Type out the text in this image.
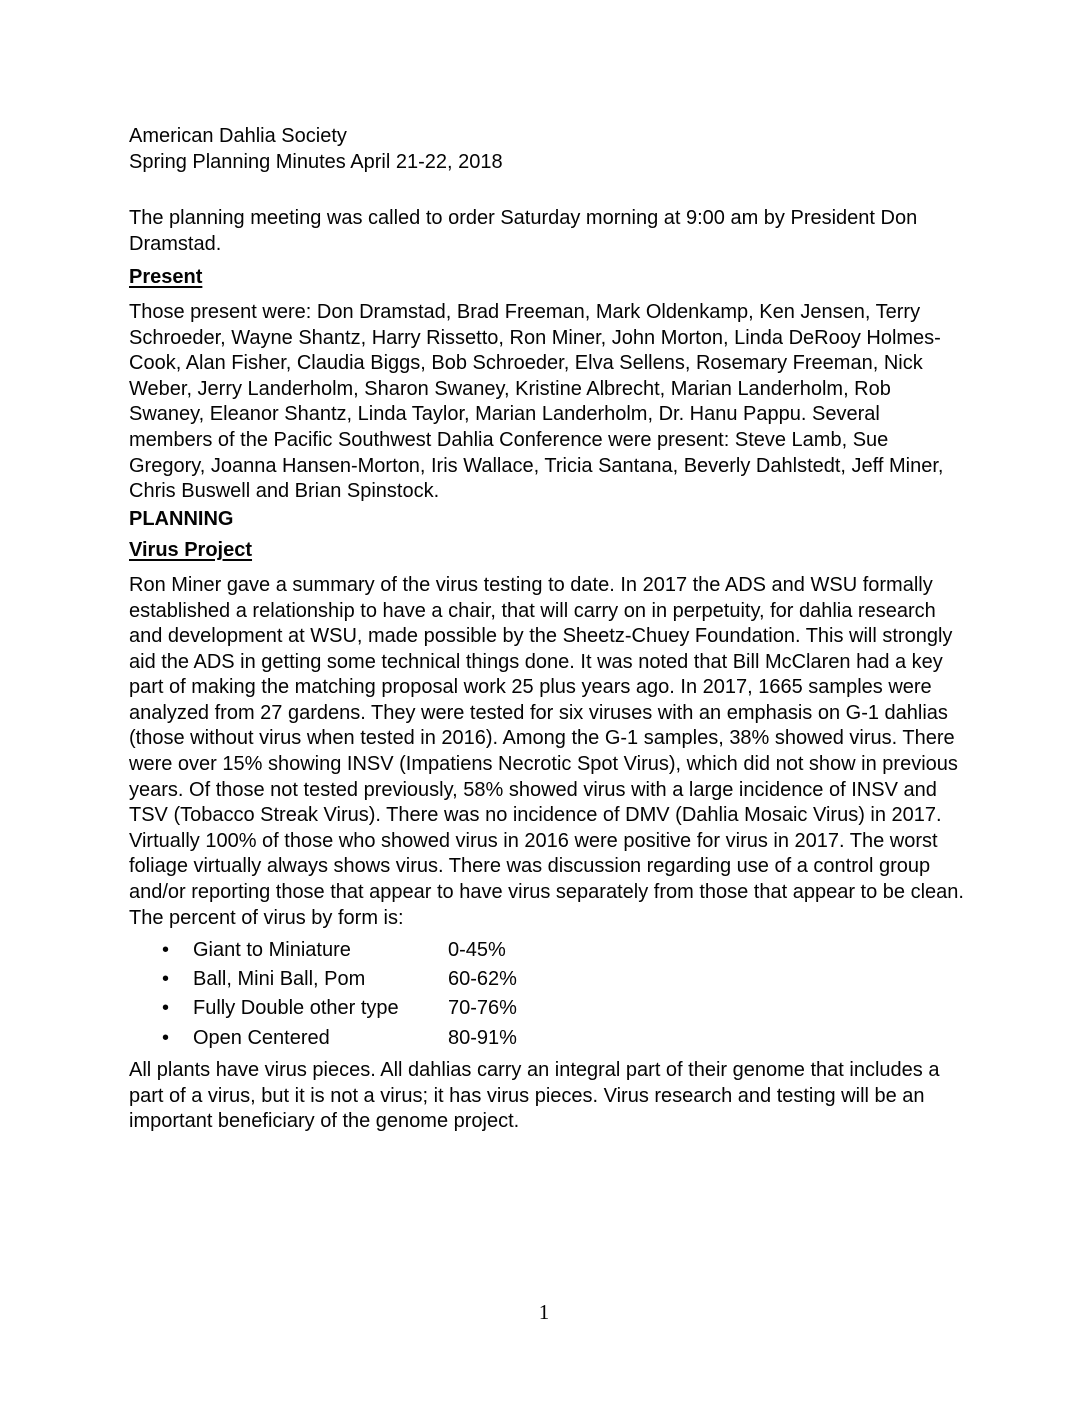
American Dahlia Society
Spring Planning Minutes April 21-22, 2018

The planning meeting was called to order Saturday morning at 9:00 am by President Don Dramstad.

Present

Those present were: Don Dramstad, Brad Freeman, Mark Oldenkamp, Ken Jensen, Terry Schroeder, Wayne Shantz, Harry Rissetto, Ron Miner, John Morton, Linda DeRooy Holmes-Cook, Alan Fisher, Claudia Biggs, Bob Schroeder, Elva Sellens, Rosemary Freeman, Nick Weber, Jerry Landerholm, Sharon Swaney, Kristine Albrecht, Marian Landerholm, Rob Swaney, Eleanor Shantz, Linda Taylor, Marian Landerholm, Dr. Hanu Pappu. Several members of the Pacific Southwest Dahlia Conference were present: Steve Lamb, Sue Gregory, Joanna Hansen-Morton, Iris Wallace, Tricia Santana, Beverly Dahlstedt, Jeff Miner, Chris Buswell and Brian Spinstock.

PLANNING
Virus Project

Ron Miner gave a summary of the virus testing to date. In 2017 the ADS and WSU formally established a relationship to have a chair, that will carry on in perpetuity, for dahlia research and development at WSU, made possible by the Sheetz-Chuey Foundation. This will strongly aid the ADS in getting some technical things done. It was noted that Bill McClaren had a key part of making the matching proposal work 25 plus years ago. In 2017, 1665 samples were analyzed from 27 gardens. They were tested for six viruses with an emphasis on G-1 dahlias (those without virus when tested in 2016). Among the G-1 samples, 38% showed virus. There were over 15% showing INSV (Impatiens Necrotic Spot Virus), which did not show in previous years. Of those not tested previously, 58% showed virus with a large incidence of INSV and TSV (Tobacco Streak Virus). There was no incidence of DMV (Dahlia Mosaic Virus) in 2017. Virtually 100% of those who showed virus in 2016 were positive for virus in 2017. The worst foliage virtually always shows virus. There was discussion regarding use of a control group and/or reporting those that appear to have virus separately from those that appear to be clean.

The percent of virus by form is:

•	Giant to Miniature	0-45%
•	Ball, Mini Ball, Pom	60-62%
•	Fully Double other type	70-76%
•	Open Centered	80-91%

All plants have virus pieces. All dahlias carry an integral part of their genome that includes a part of a virus, but it is not a virus; it has virus pieces. Virus research and testing will be an important beneficiary of the genome project.

1
